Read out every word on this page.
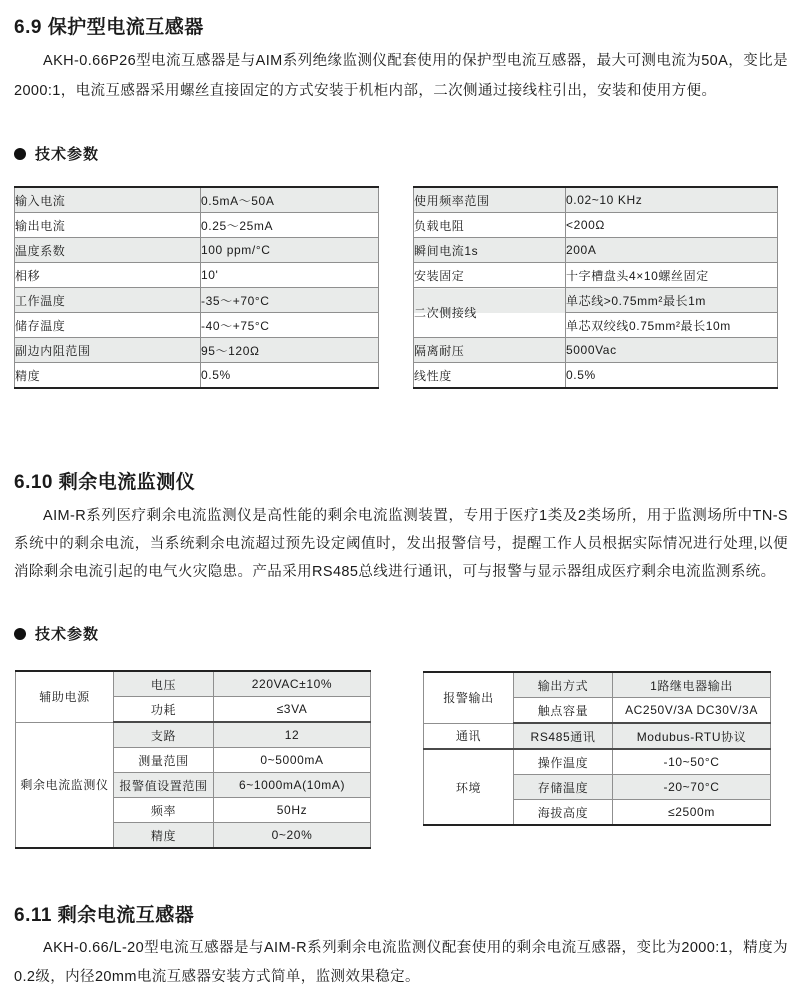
6.9 保护型电流互感器

AKH-0.66P26型电流互感器是与AIM系列绝缘监测仪配套使用的保护型电流互感器，最大可测电流为50A，变比是2000:1，电流互感器采用螺丝直接固定的方式安装于机柜内部，二次侧通过接线柱引出，安装和使用方便。

技术参数
输入电流	0.5mA～50A
输出电流	0.25～25mA
温度系数	100 ppm/°C
相移	10'
工作温度	-35～+70°C
储存温度	-40～+75°C
副边内阻范围	95～120Ω
精度	0.5%
使用频率范围	0.02~10 KHz
负载电阻	<200Ω
瞬间电流1s	200A
安装固定	十字槽盘头4×10螺丝固定
二次侧接线	单芯线>0.75mm²最长1m
	单芯双绞线0.75mm²最长10m
隔离耐压	5000Vac
线性度	0.5%
6.10 剩余电流监测仪

AIM-R系列医疗剩余电流监测仪是高性能的剩余电流监测装置，专用于医疗1类及2类场所，用于监测场所中TN-S系统中的剩余电流，当系统剩余电流超过预先设定阈值时，发出报警信号，提醒工作人员根据实际情况进行处理,以便消除剩余电流引起的电气火灾隐患。产品采用RS485总线进行通讯，可与报警与显示器组成医疗剩余电流监测系统。

技术参数
辅助电源	电压	220VAC±10%
	功耗	≤3VA
剩余电流监测仪	支路	12
	测量范围	0~5000mA
	报警值设置范围	6~1000mA(10mA)
	频率	50Hz
	精度	0~20%
报警输出	输出方式	1路继电器输出
	触点容量	AC250V/3A DC30V/3A
通讯	RS485通讯	Modubus-RTU协议
环境	操作温度	-10~50°C
	存储温度	-20~70°C
	海拔高度	≤2500m
6.11 剩余电流互感器

AKH-0.66/L-20型电流互感器是与AIM-R系列剩余电流监测仪配套使用的剩余电流互感器，变比为2000:1，精度为0.2级，内径20mm电流互感器安装方式简单，监测效果稳定。
